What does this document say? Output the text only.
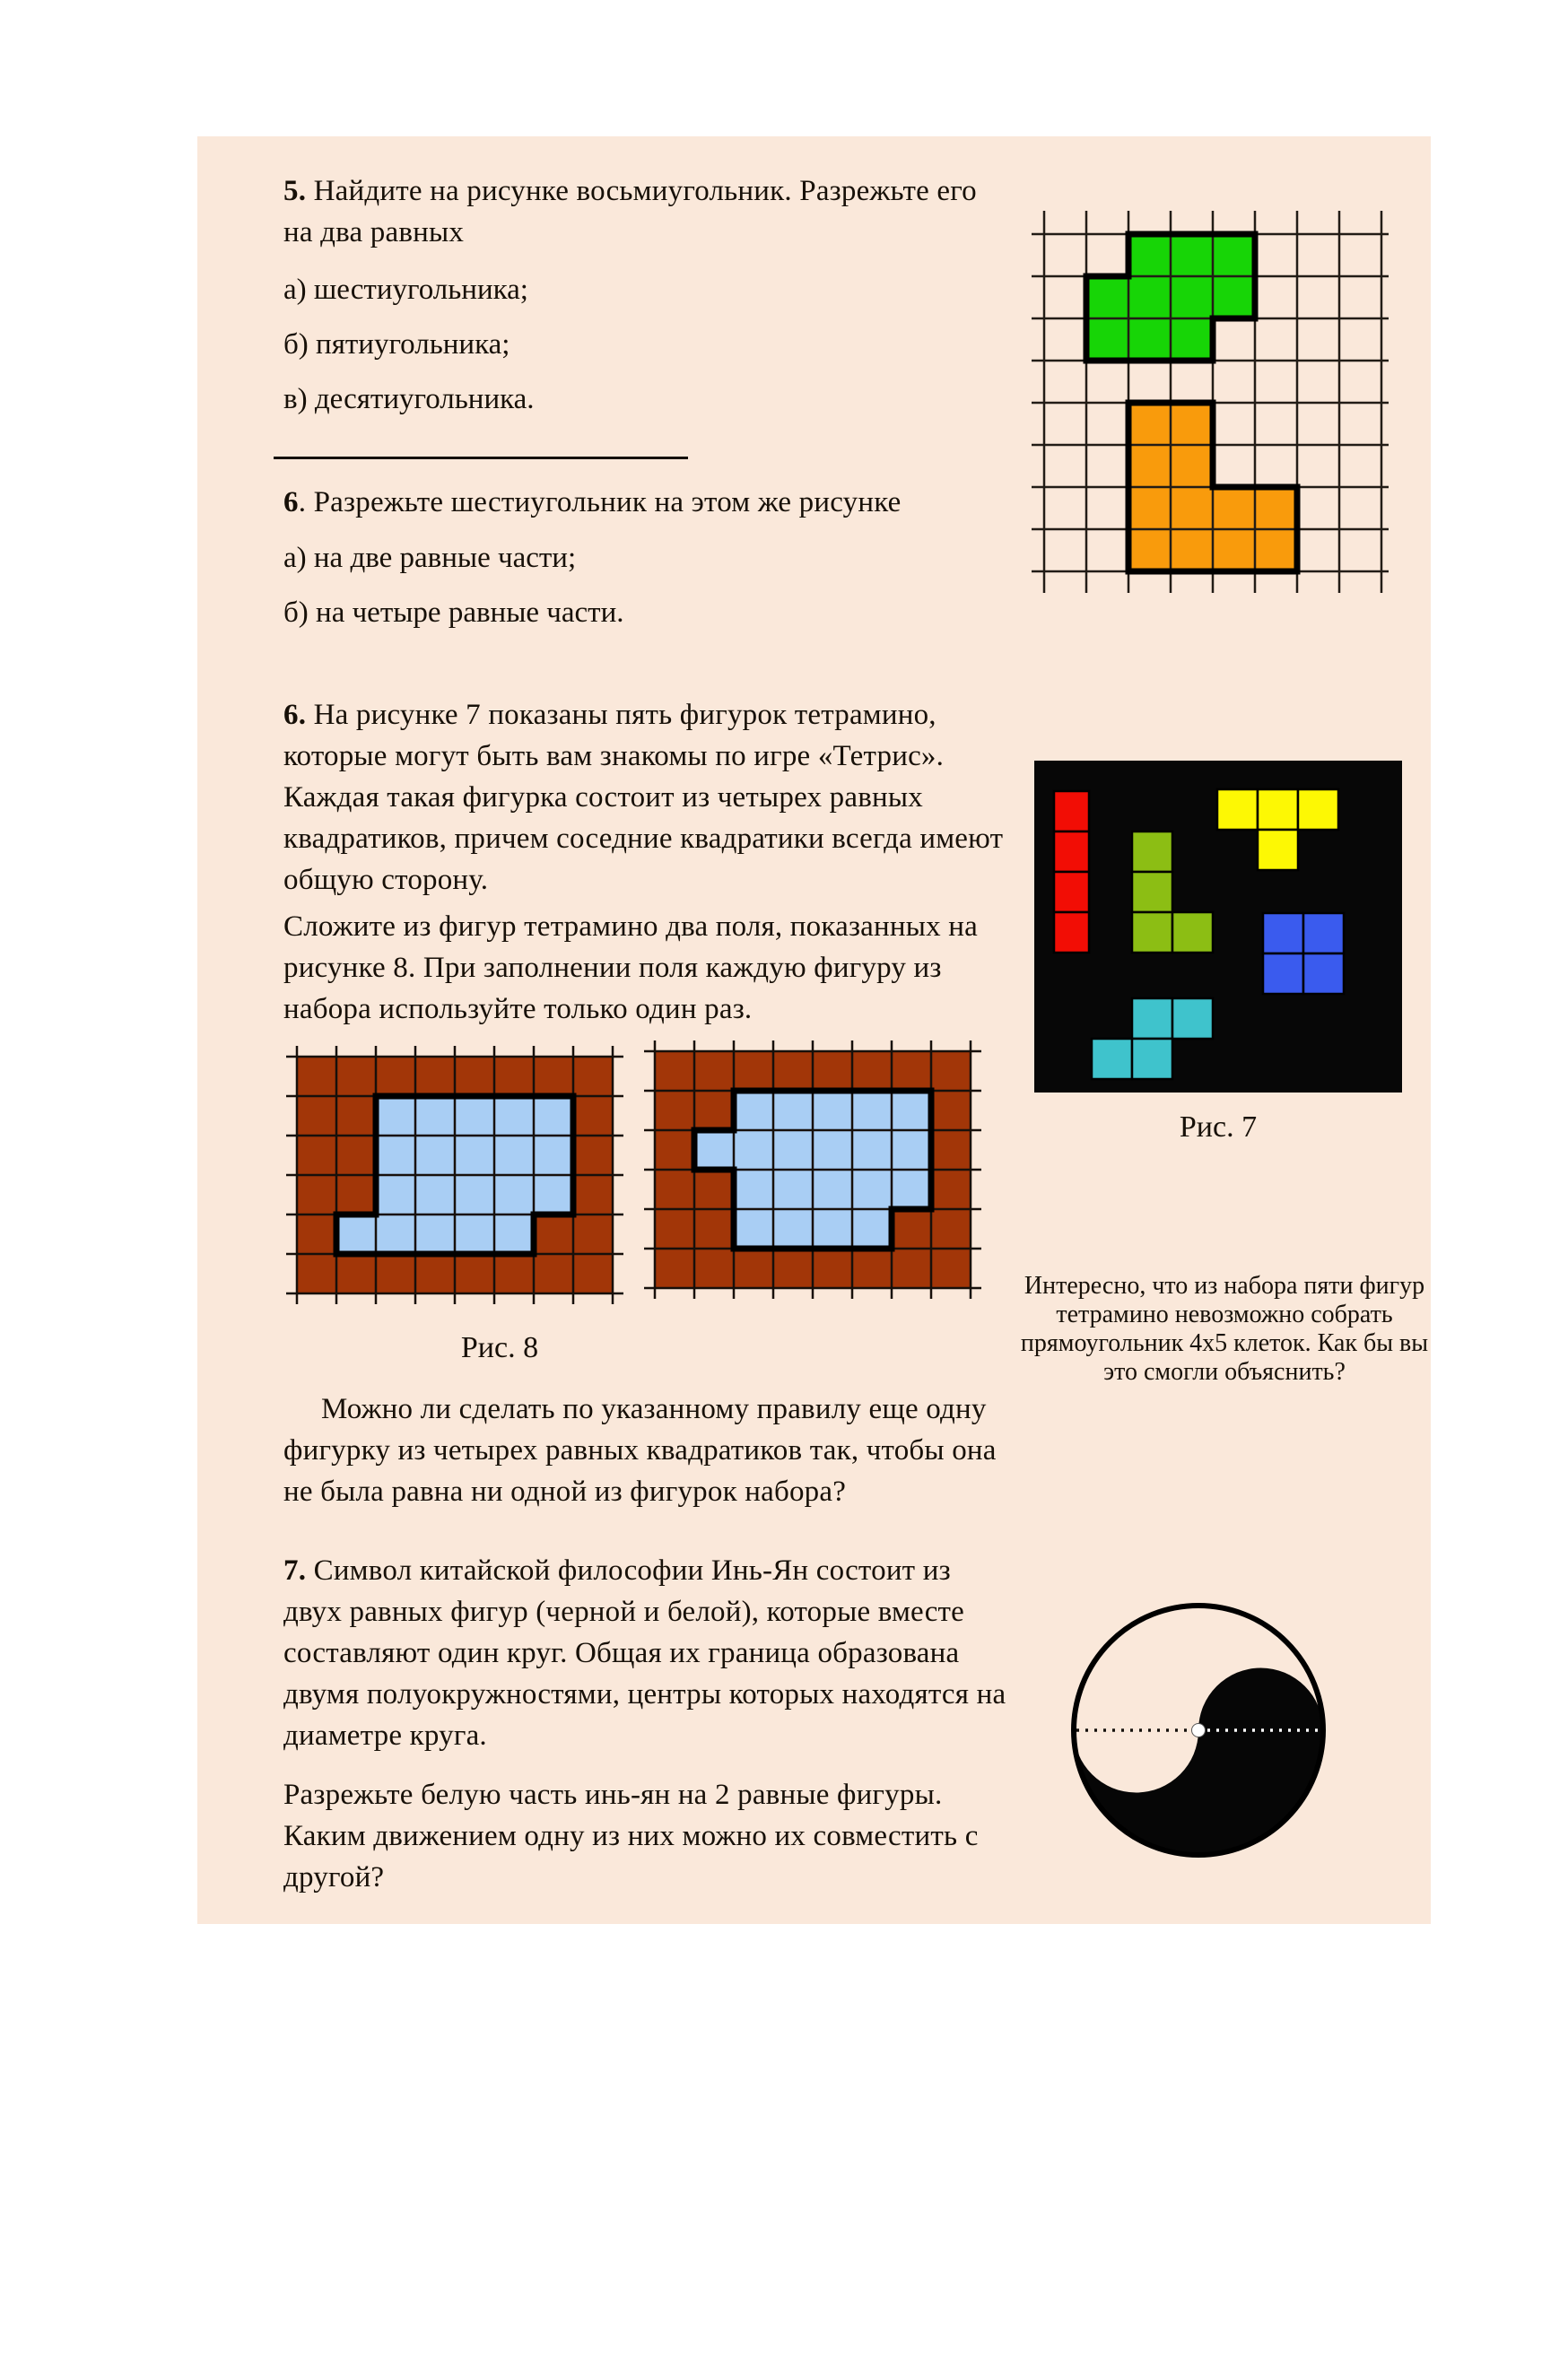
5. Найдите на рисунке восьмиугольник. Разрежьте его на два равных

а) шестиугольника;
б) пятиугольника;
в) десятиугольника.

6. Разрежьте шестиугольник на этом же рисунке

а) на две равные части;
б) на четыре равные части.

6. На рисунке 7 показаны пять фигурок тетрамино, которые могут быть вам знакомы по игре «Тетрис». Каждая такая фигурка состоит из четырех равных квадратиков, причем соседние квадратики всегда имеют общую сторону.

Сложите из фигур тетрамино два поля, показанных на рисунке 8. При заполнении поля каждую фигуру из набора используйте только один раз.

Рис. 8

Можно ли сделать по указанному правилу еще одну фигурку из четырех равных квадратиков так, чтобы она не была равна ни одной из фигурок набора?

7. Символ китайской философии Инь-Ян состоит из двух равных фигур (черной и белой), которые вместе составляют один круг. Общая их граница образована двумя полуокружностями, центры которых находятся на диаметре круга.

Разрежьте белую часть инь-ян на 2 равные фигуры. Каким движением одну из них можно их совместить с другой?

Рис. 7
Интересно, что из набора пяти фигур тетрамино невозможно собрать прямоугольник 4х5 клеток. Как бы вы это смогли объяснить?
